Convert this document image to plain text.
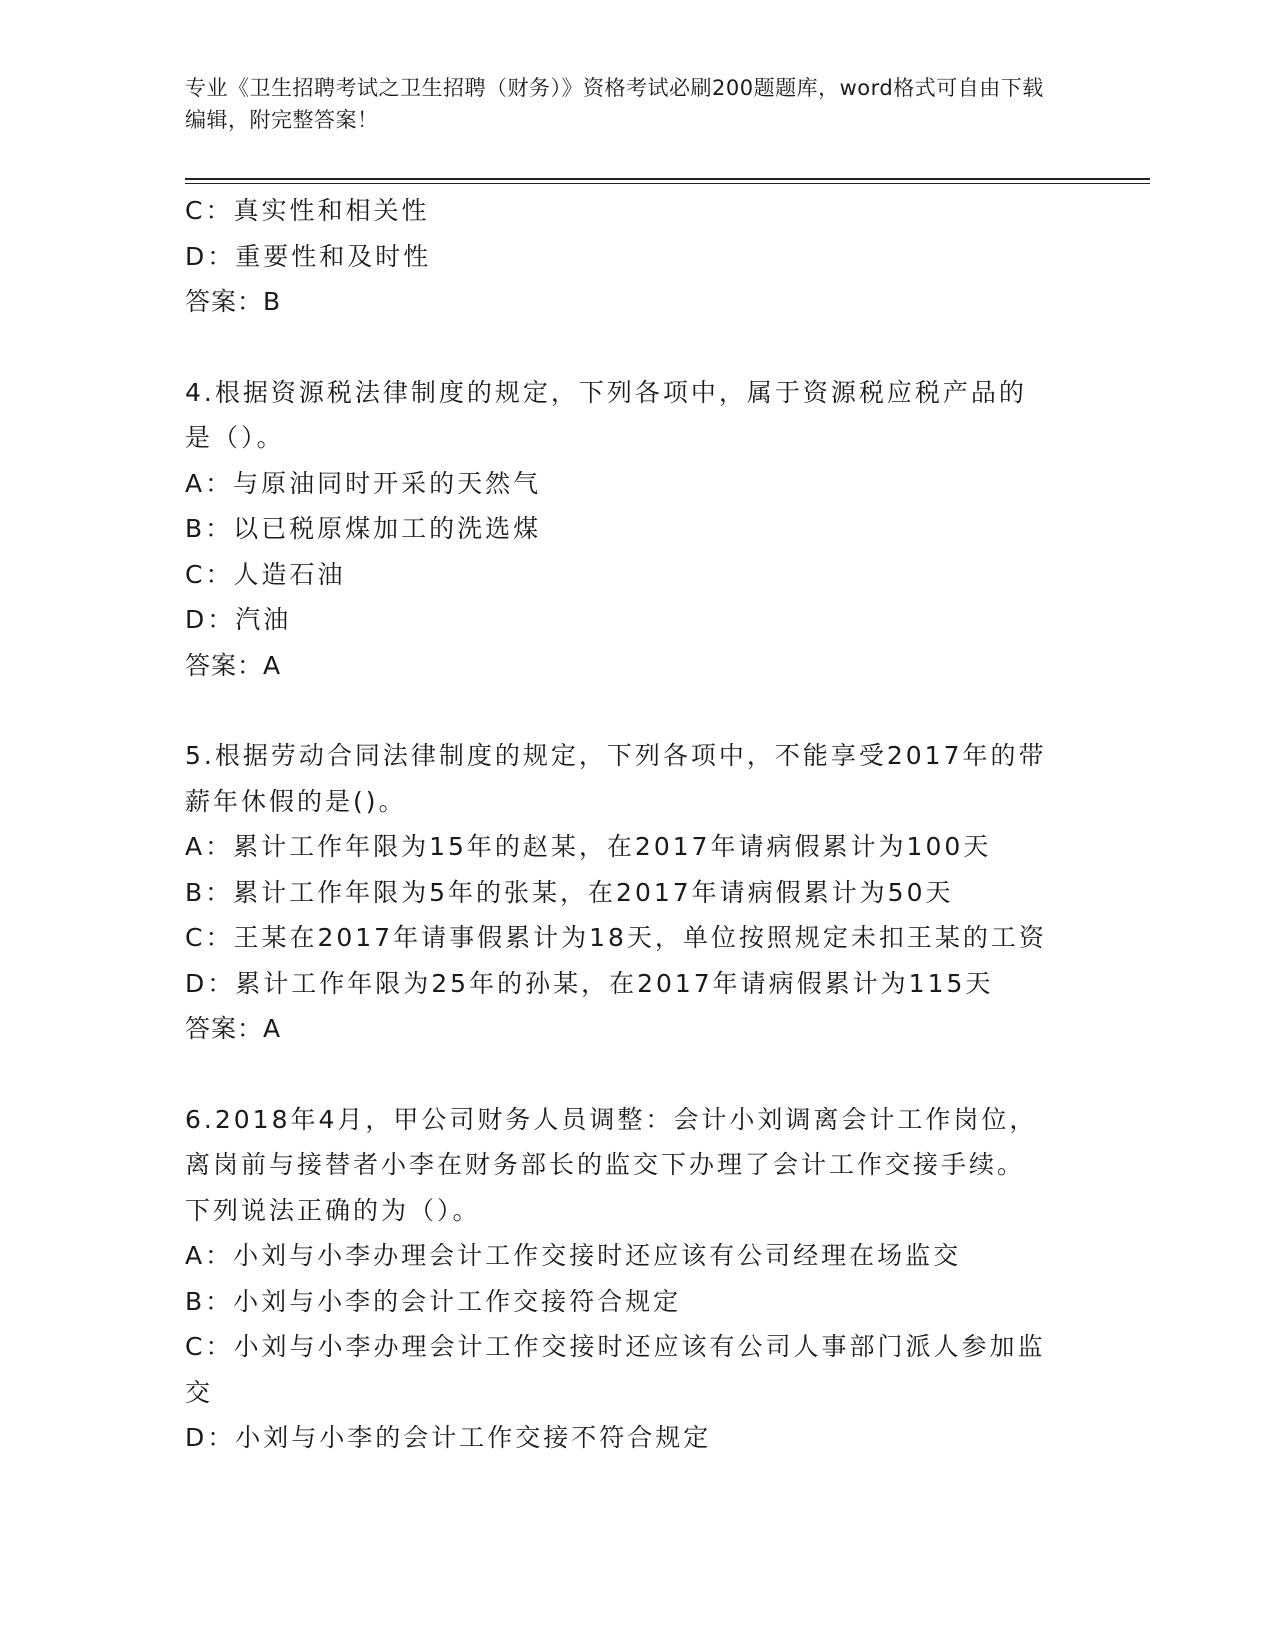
专业《卫生招聘考试之卫生招聘（财务）》资格考试必刷200题题库，word格式可自由下载编辑，附完整答案！
C：真实性和相关性
D：重要性和及时性
答案：B
4.根据资源税法律制度的规定，下列各项中，属于资源税应税产品的
是（）。
A：与原油同时开采的天然气
B：以已税原煤加工的洗选煤
C：人造石油
D：汽油
答案：A
5.根据劳动合同法律制度的规定，下列各项中，不能享受2017年的带
薪年休假的是()。
A：累计工作年限为15年的赵某，在2017年请病假累计为100天
B：累计工作年限为5年的张某，在2017年请病假累计为50天
C：王某在2017年请事假累计为18天，单位按照规定未扣王某的工资
D：累计工作年限为25年的孙某，在2017年请病假累计为115天
答案：A
6.2018年4月，甲公司财务人员调整：会计小刘调离会计工作岗位，
离岗前与接替者小李在财务部长的监交下办理了会计工作交接手续。
下列说法正确的为（）。
A：小刘与小李办理会计工作交接时还应该有公司经理在场监交
B：小刘与小李的会计工作交接符合规定
C：小刘与小李办理会计工作交接时还应该有公司人事部门派人参加监
交
D：小刘与小李的会计工作交接不符合规定
